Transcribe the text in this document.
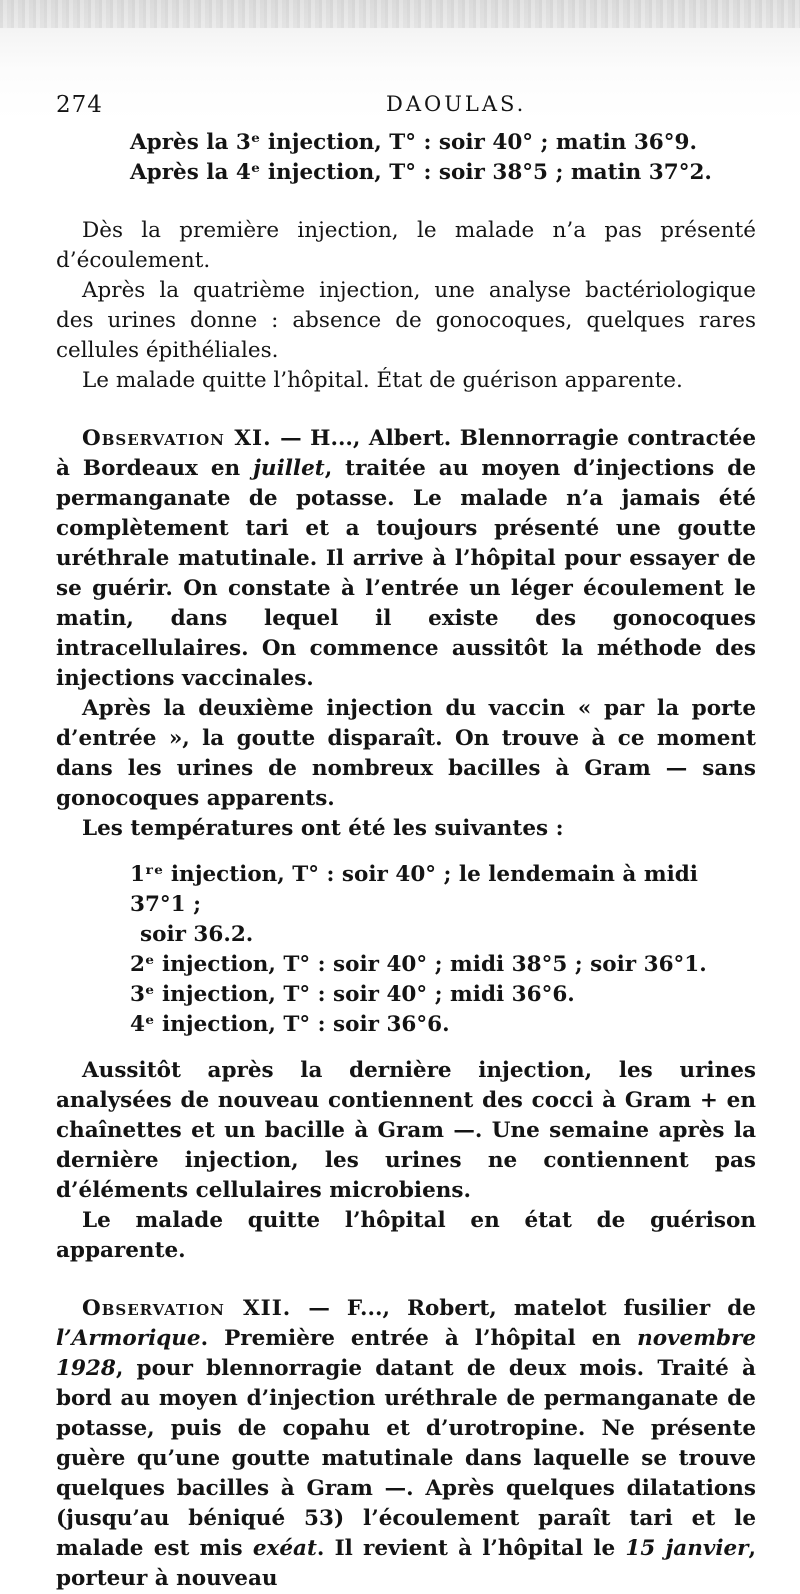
274	DAOULAS.

Après la 3ᵉ injection, T° : soir 40° ; matin 36°9.

Après la 4ᵉ injection, T° : soir 38°5 ; matin 37°2.

Dès la première injection, le malade n’a pas présenté d’écoulement.

Après la quatrième injection, une analyse bactériologique des urines donne : absence de gonocoques, quelques rares cellules épithéliales.

Le malade quitte l’hôpital. État de guérison apparente.

Observation XI. — H..., Albert. Blennorragie contractée à Bordeaux en juillet, traitée au moyen d’injections de permanganate de potasse. Le malade n’a jamais été complètement tari et a toujours présenté une goutte uréthrale matutinale. Il arrive à l’hôpital pour essayer de se guérir. On constate à l’entrée un léger écoulement le matin, dans lequel il existe des gonocoques intracellulaires. On commence aussitôt la méthode des injections vaccinales.

Après la deuxième injection du vaccin « par la porte d’entrée », la goutte disparaît. On trouve à ce moment dans les urines de nombreux bacilles à Gram — sans gonocoques apparents.

Les températures ont été les suivantes :

1ʳᵉ injection, T° : soir 40° ; le lendemain à midi 37°1 ;

soir 36.2.

2ᵉ injection, T° : soir 40° ; midi 38°5 ; soir 36°1.

3ᵉ injection, T° : soir 40° ; midi 36°6.

4ᵉ injection, T° : soir 36°6.

Aussitôt après la dernière injection, les urines analysées de nouveau contiennent des cocci à Gram + en chaînettes et un bacille à Gram —. Une semaine après la dernière injection, les urines ne contiennent pas d’éléments cellulaires microbiens.

Le malade quitte l’hôpital en état de guérison apparente.

Observation XII. — F..., Robert, matelot fusilier de l’Armorique. Première entrée à l’hôpital en novembre 1928, pour blennorragie datant de deux mois. Traité à bord au moyen d’injection uréthrale de permanganate de potasse, puis de copahu et d’urotropine. Ne présente guère qu’une goutte matutinale dans laquelle se trouve quelques bacilles à Gram —. Après quelques dilatations (jusqu’au béniqué 53) l’écoulement paraît tari et le malade est mis exéat. Il revient à l’hôpital le 15 janvier, porteur à nouveau
